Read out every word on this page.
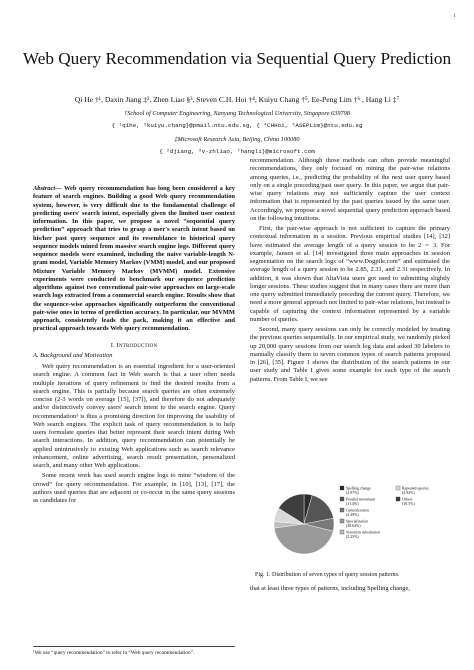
1
Web Query Recommendation via Sequential Query Prediction
Qi He †¹, Daxin Jiang ‡², Zhen Liao §³, Steven C.H. Hoi †⁴, Kuiyu Chang †⁵, Ee-Peng Lim †⁶ , Hang Li ‡⁷
†School of Computer Engineering, Nanyang Technological University, Singapore 639798
{ ¹qihe, ⁵kuiyu.chang}@pmail.ntu.edu.sg, { ⁴CHHoi, ⁶ASEPLim}@ntu.edu.sg
‡Microsoft Research Asia, Beijing, China 100080
{ ²djiang, ³v-zhliao, ⁷hangli}@microsoft.com

Abstract— Web query recommendation has long been considered a key feature of search engines. Building a good Web query recommendation system, however, is very difficult due to the fundamental challenge of predicting users' search intent, especially given the limited user context information. In this paper, we propose a novel “sequential query prediction” approach that tries to grasp a user's search intent based on his/her past query sequence and its resemblance to historical query sequence models mined from massive search engine logs. Different query sequence models were examined, including the naive variable-length N-gram model, Variable Memory Markov (VMM) model, and our proposed Mixture Variable Memory Markov (MVMM) model. Extensive experiments were conducted to benchmark our sequence prediction algorithms against two conventional pair-wise approaches on large-scale search logs extracted from a commercial search engine. Results show that the sequence-wise approaches significantly outperform the conventional pair-wise ones in terms of prediction accuracy. In particular, our MVMM approach, consistently leads the pack, making it an effective and practical approach towards Web query recommendation.

I. Introduction
A. Background and Motivation

Web query recommendation is an essential ingredient for a user-oriented search engine. A common fact in Web search is that a user often needs multiple iterations of query refinement to find the desired results from a search engine. This is partially because search queries are often extremely concise (2-3 words on average [15], [37]), and therefore do not adequately and/or distinctively convey users' search intent to the search engine. Query recommendation¹ is thus a promising direction for improving the usability of Web search engines. The explicit task of query recommendation is to help users formulate queries that better represent their search intent during Web search interactions. In addition, query recommendation can potentially be applied unintrusively to existing Web applications such as search relevance enhancement, online advertising, search result presentation, personalized search, and many other Web applications.

Some recent work has used search engine logs to mine “wisdom of the crowd” for query recommendation. For example, in [10], [13], [17], the authors used queries that are adjacent or co-occur in the same query sessions as candidates for

¹We use “query recommendation” to refer to “Web query recommendation”.

recommendation. Although those methods can often provide meaningful recommendations, they only focused on mining the pair-wise relations among queries, i.e., predicting the probability of the next user query based only on a single preceding/past user query. In this paper, we argue that pair-wise query relations may not sufficiently capture the user context information that is represented by the past queries issued by the same user. Accordingly, we propose a novel sequential query prediction approach based on the following intuitions.

First, the pair-wise approach is not sufficient to capture the primary contextual information in a session. Previous empirical studies [14], [32] have estimated the average length of a query session to be 2 ∼ 3. For example, Jansen et al. [14] investigated three main approaches in session segmentation on the search logs of “www.Dogpile.com” and estimated the average length of a query session to be 2.85, 2.31, and 2.31 respectively. In addition, it was shown that AltaVista users got used to submitting slightly longer sessions. These studies suggest that in many cases there are more than one query submitted immediately preceding the current query. Therefore, we need a more general approach not limited to pair-wise relations, but instead is capable of capturing the context information represented by a variable number of queries.

Second, many query sessions can only be correctly modeled by treating the previous queries sequentially. In our empirical study, we randomly picked up 20,000 query sessions from our search log data and asked 30 labelers to manually classify them to seven common types of search patterns proposed in [26], [35]. Figure 1 shows the distribution of the search patterns in our user study and Table I gives some example for each type of the search patterns. From Table I, we see

Spelling change
(2.87%)
Parallel movement
(11.4%)
Generalization
(4.49%)
Specialization
(28.64%)
Synonym substitution
(2.25%)
Repeated queries
(4.92%)
Others
(10.5%)
Fig. 1. Distribution of seven types of query session patterns.
that at least three types of patterns, including Spelling change,
